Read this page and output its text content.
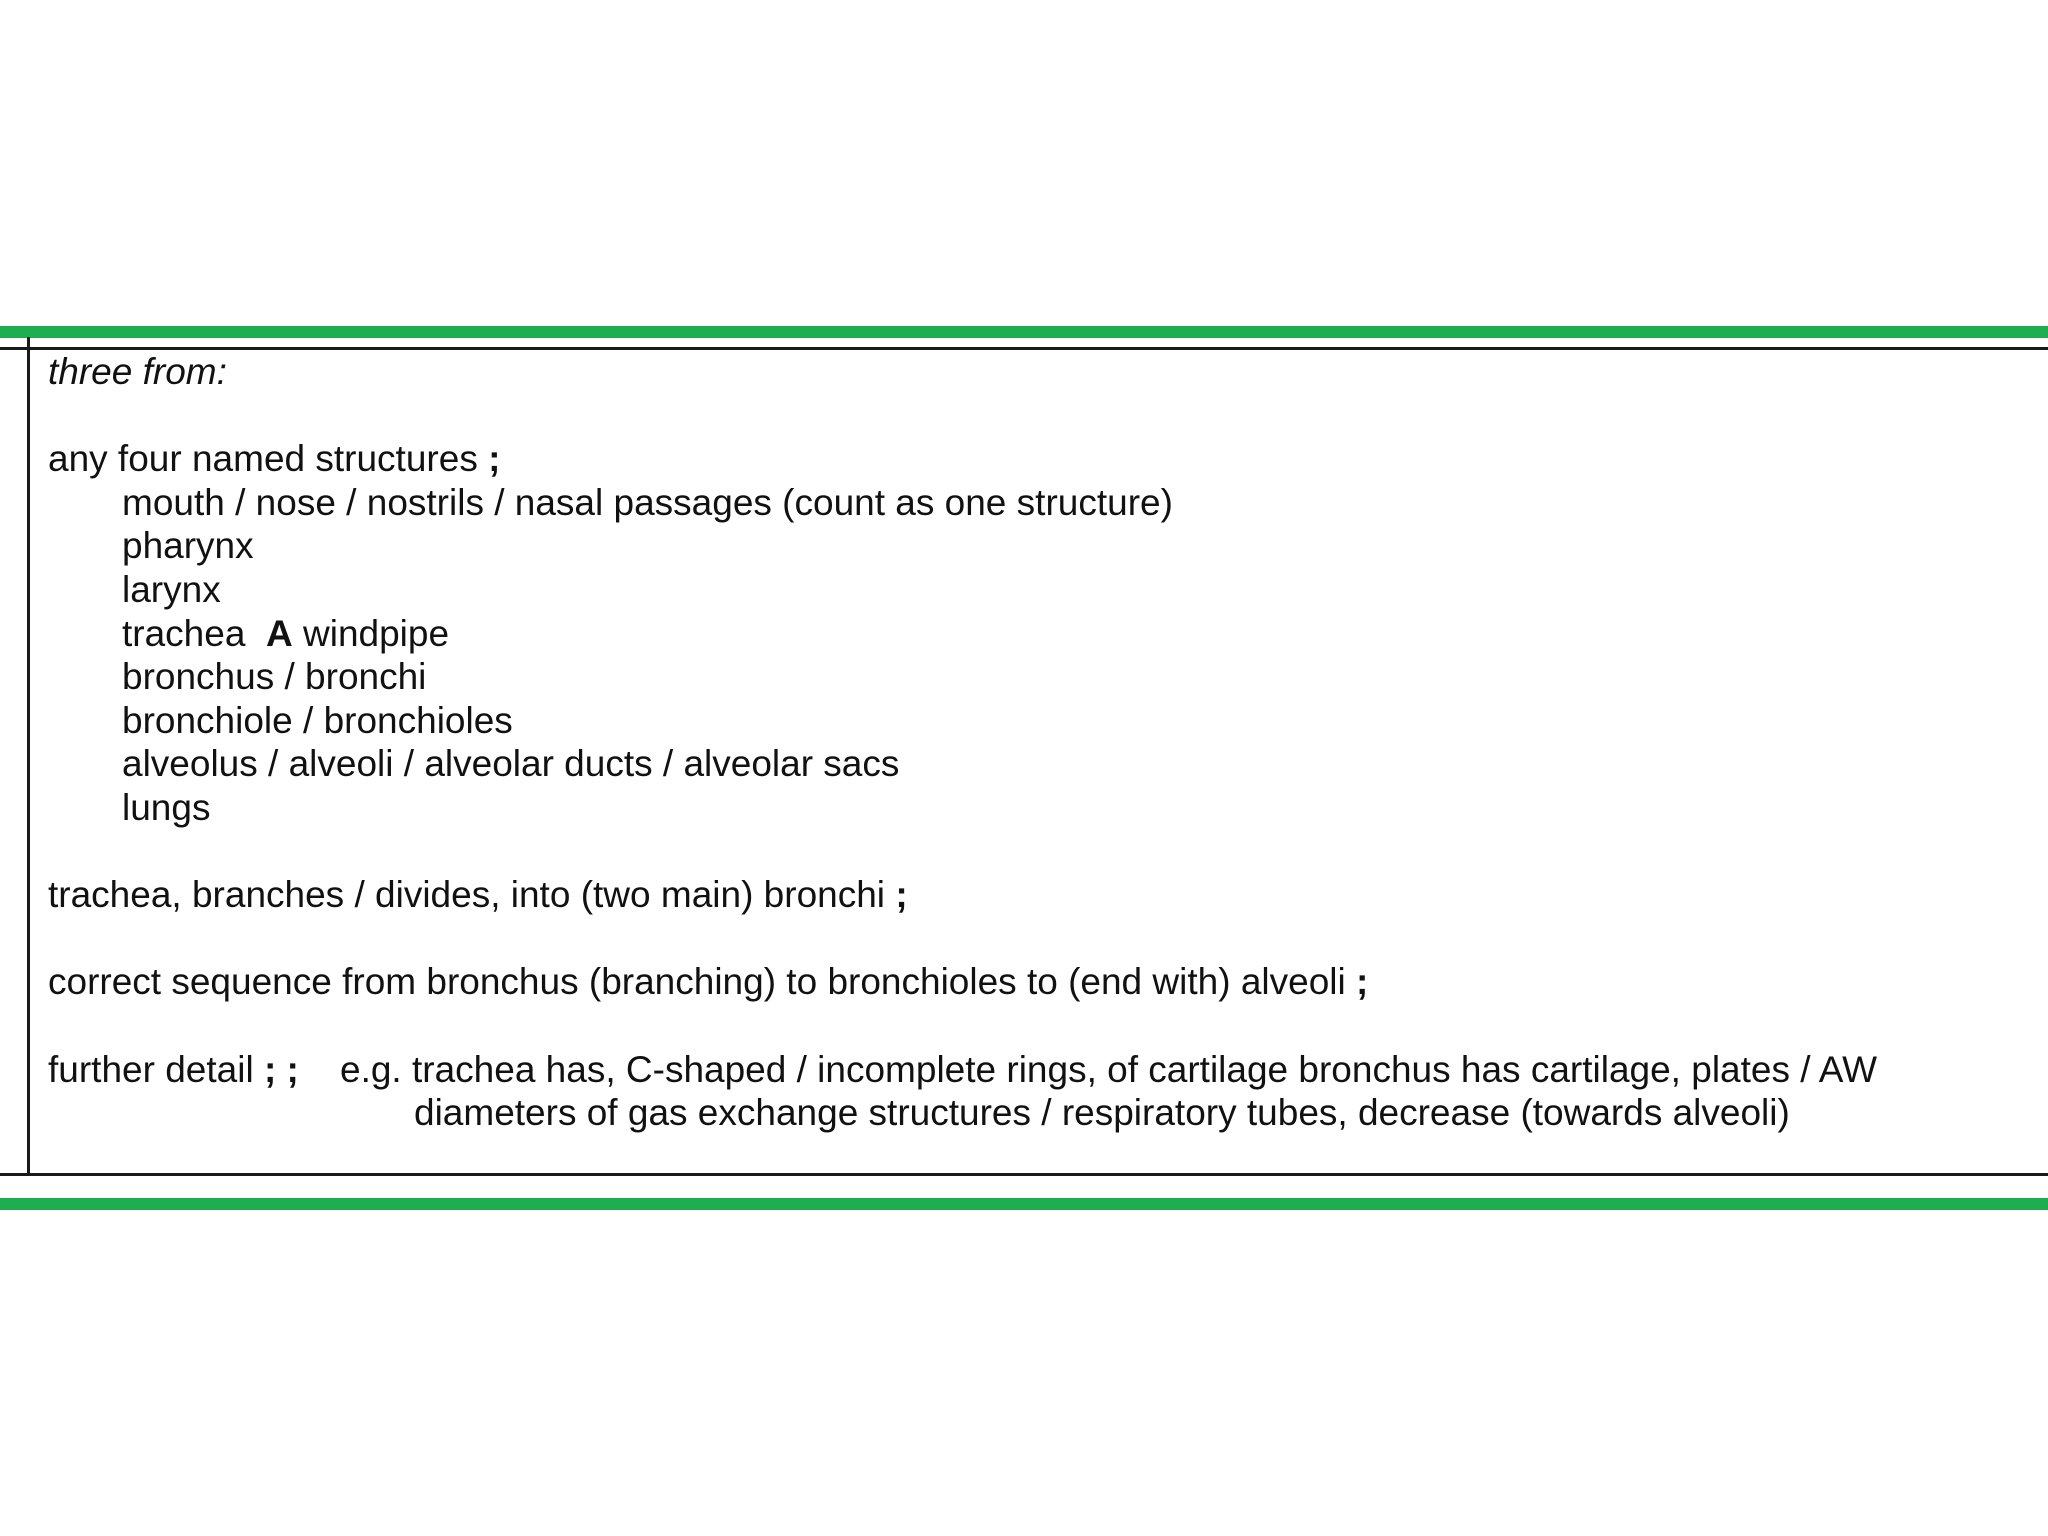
three from:
any four named structures ;
mouth / nose / nostrils / nasal passages (count as one structure)
pharynx
larynx
trachea A windpipe
bronchus / bronchi
bronchiole / bronchioles
alveolus / alveoli / alveolar ducts / alveolar sacs
lungs
trachea, branches / divides, into (two main) bronchi ;
correct sequence from bronchus (branching) to bronchioles to (end with) alveoli ;
further detail ; ;	e.g. trachea has, C-shaped / incomplete rings, of cartilage bronchus has cartilage, plates / AW
diameters of gas exchange structures / respiratory tubes, decrease (towards alveoli)
